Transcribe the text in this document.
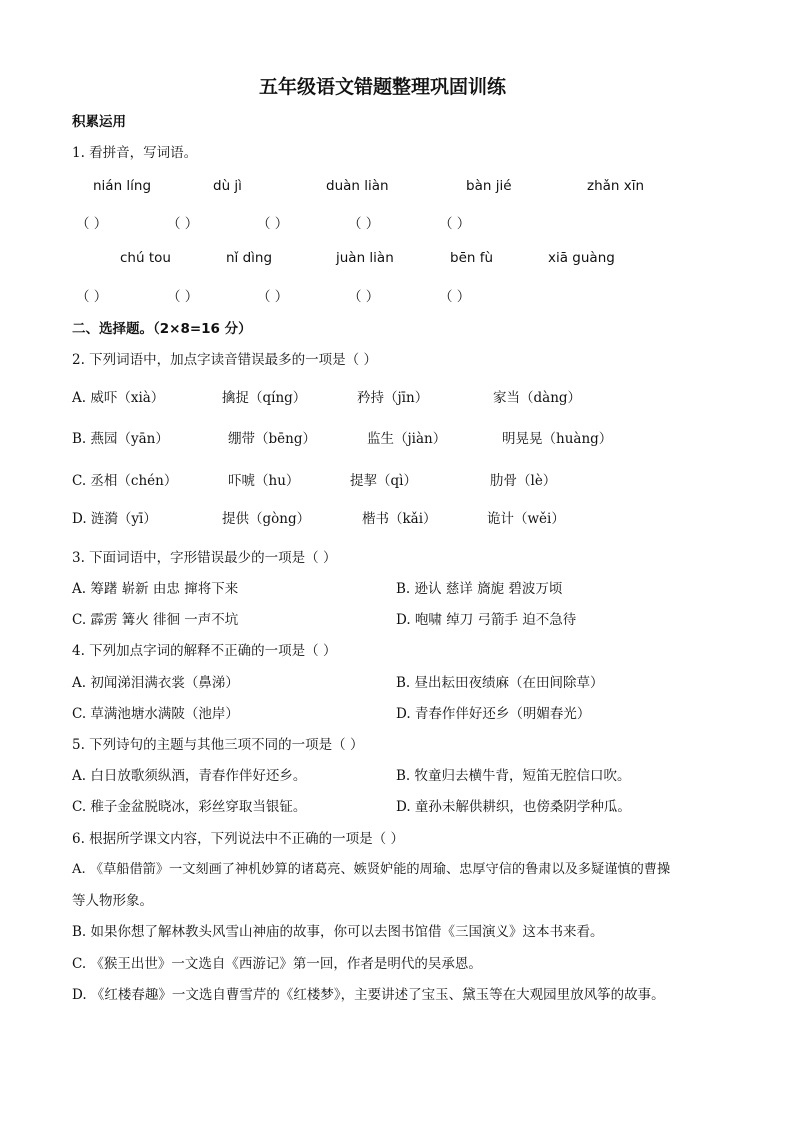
五年级语文错题整理巩固训练
积累运用
1. 看拼音，写词语。
nián líng	dù jì	duàn liàn	bàn jié	zhǎn xīn
（ ）	（ ）	（ ）	（ ）	（ ）
chú tou	nǐ dìng	juàn liàn	bēn fù	xiā guàng
（ ）	（ ）	（ ）	（ ）	（ ）
二、选择题。（2×8=16 分）
2. 下列词语中，加点字读音错误最多的一项是（ ）
A. 威吓（xià）	擒捉（qíng）	矜持（jīn）	家当（dàng）
B. 燕园（yān）	绷带（bēng）	监生（jiàn）	明晃晃（huàng）
C. 丞相（chén）	吓唬（hu）	提挈（qì）	肋骨（lè）
D. 涟漪（yī）	提供（gòng）	楷书（kǎi）	诡计（wěi）
3. 下面词语中，字形错误最少的一项是（ ）
A. 筹躇 崭新 由忠 撺将下来	B. 逊认 慈详 旖旎 碧波万顷
C. 霹雳 篝火 徘徊 一声不坑	D. 咆啸 绰刀 弓箭手 迫不急待
4. 下列加点字词的解释不正确的一项是（ ）
A. 初闻涕泪满衣裳（鼻涕）	B. 昼出耘田夜绩麻（在田间除草）
C. 草满池塘水满陂（池岸）	D. 青春作伴好还乡（明媚春光）
5. 下列诗句的主题与其他三项不同的一项是（ ）
A. 白日放歌须纵酒，青春作伴好还乡。	B. 牧童归去横牛背，短笛无腔信口吹。
C. 稚子金盆脱晓冰，彩丝穿取当银钲。	D. 童孙未解供耕织，也傍桑阴学种瓜。
6. 根据所学课文内容，下列说法中不正确的一项是（ ）
A. 《草船借箭》一文刻画了神机妙算的诸葛亮、嫉贤妒能的周瑜、忠厚守信的鲁肃以及多疑谨慎的曹操
等人物形象。
B. 如果你想了解林教头风雪山神庙的故事，你可以去图书馆借《三国演义》这本书来看。
C. 《猴王出世》一文选自《西游记》第一回，作者是明代的吴承恩。
D. 《红楼春趣》一文选自曹雪芹的《红楼梦》，主要讲述了宝玉、黛玉等在大观园里放风筝的故事。
